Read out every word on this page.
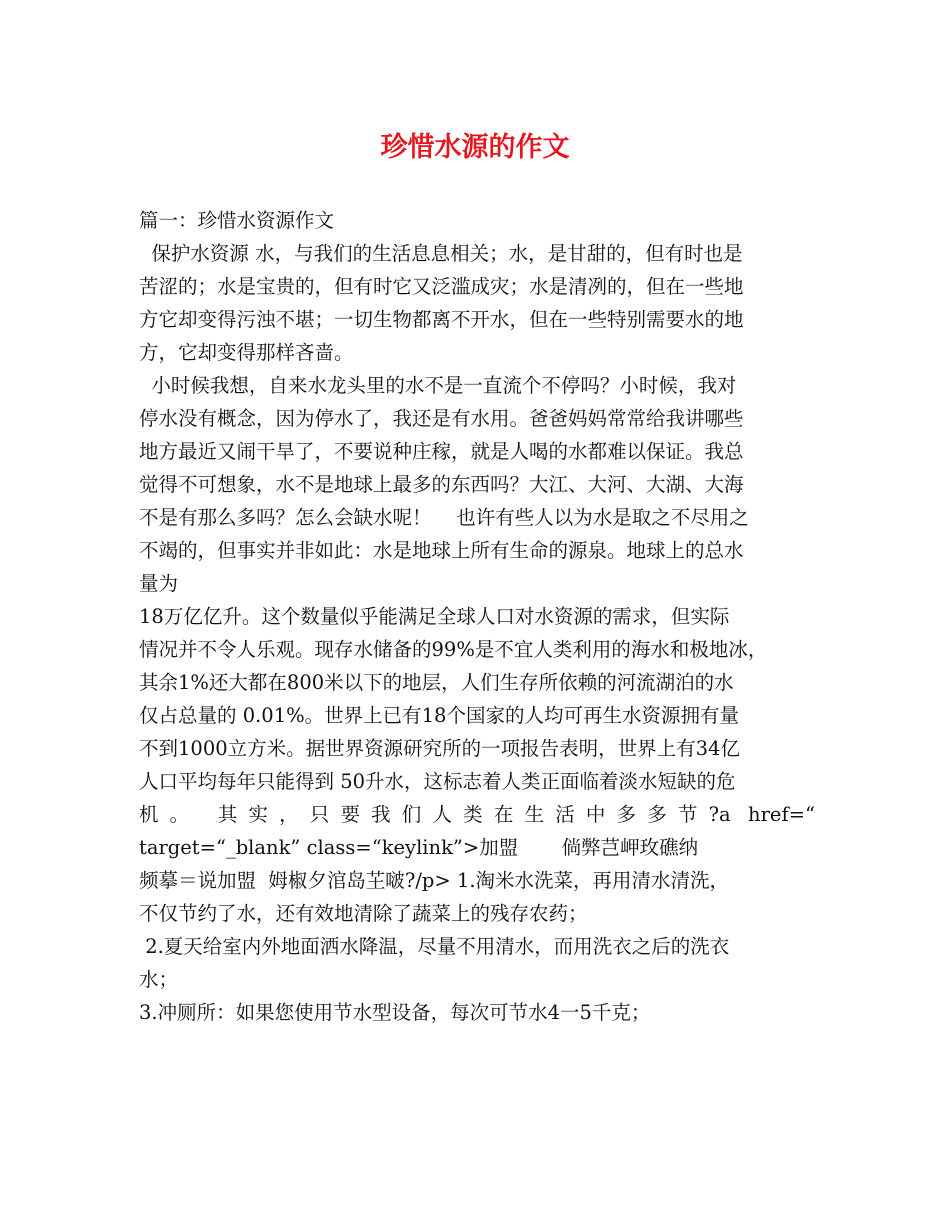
珍惜水源的作文
篇一：珍惜水资源作文
保护水资源 水，与我们的生活息息相关；水，是甘甜的，但有时也是
苦涩的；水是宝贵的，但有时它又泛滥成灾；水是清冽的，但在一些地
方它却变得污浊不堪；一切生物都离不开水，但在一些特别需要水的地
方，它却变得那样吝啬。
小时候我想，自来水龙头里的水不是一直流个不停吗？小时候，我对
停水没有概念，因为停水了，我还是有水用。爸爸妈妈常常给我讲哪些
地方最近又闹干旱了，不要说种庄稼，就是人喝的水都难以保证。我总
觉得不可想象，水不是地球上最多的东西吗？大江、大河、大湖、大海
不是有那么多吗？怎么会缺水呢！    也许有些人以为水是取之不尽用之
不竭的，但事实并非如此：水是地球上所有生命的源泉。地球上的总水
量为
18万亿亿升。这个数量似乎能满足全球人口对水资源的需求，但实际
情况并不令人乐观。现存水储备的99%是不宜人类利用的海水和极地冰，
其余1%还大都在800米以下的地层，人们生存所依赖的河流湖泊的水
仅占总量的 0.01%。世界上已有18个国家的人均可再生水资源拥有量
不到1000立方米。据世界资源研究所的一项报告表明，世界上有34亿
人口平均每年只能得到 50升水，这标志着人类正面临着淡水短缺的危
机。 其实，只要我们人类在生活中多多节?a href=“
target=“_blank” class=“keylink”>加盟       倘弊芑岬玫礁纳
频摹＝说加盟  姆椒夕涫岛芏啵?/p> 1.淘米水洗菜，再用清水清洗，
不仅节约了水，还有效地清除了蔬菜上的残存农药；
2.夏天给室内外地面洒水降温，尽量不用清水，而用洗衣之后的洗衣
水；
3.冲厕所：如果您使用节水型设备，每次可节水4一5千克；
